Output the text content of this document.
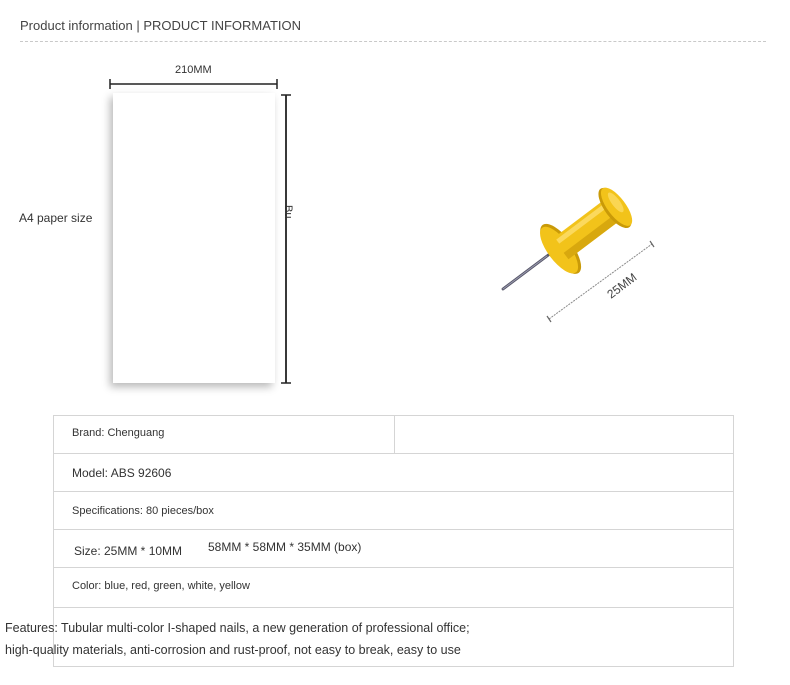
Product information | PRODUCT INFORMATION
210MM
Bu
A4 paper size
25MM
Brand: Chenguang
Model: ABS 92606
Specifications: 80 pieces/box
Size: 25MM * 10MM 58MM * 58MM * 35MM (box)
Color: blue, red, green, white, yellow
Features: Tubular multi-color I-shaped nails, a new generation of professional office;
high-quality materials, anti-corrosion and rust-proof, not easy to break, easy to use
